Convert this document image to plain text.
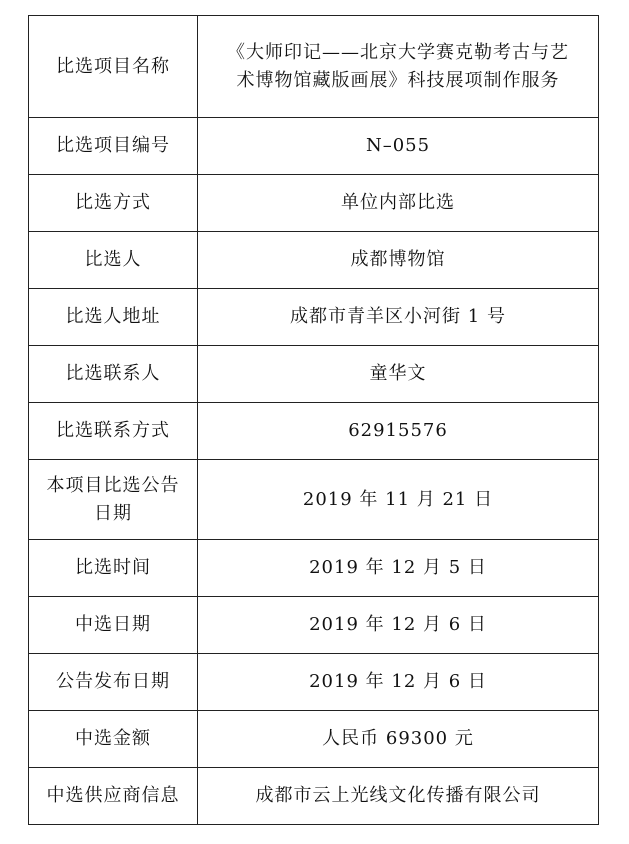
比选项目名称	《大师印记——北京大学赛克勒考古与艺
术博物馆藏版画展》科技展项制作服务
比选项目编号	N–055
比选方式	单位内部比选
比选人	成都博物馆
比选人地址	成都市青羊区小河街 1 号
比选联系人	童华文
比选联系方式	62915576
本项目比选公告
日期	2019 年 11 月 21 日
比选时间	2019 年 12 月 5 日
中选日期	2019 年 12 月 6 日
公告发布日期	2019 年 12 月 6 日
中选金额	人民币 69300 元
中选供应商信息	成都市云上光线文化传播有限公司
